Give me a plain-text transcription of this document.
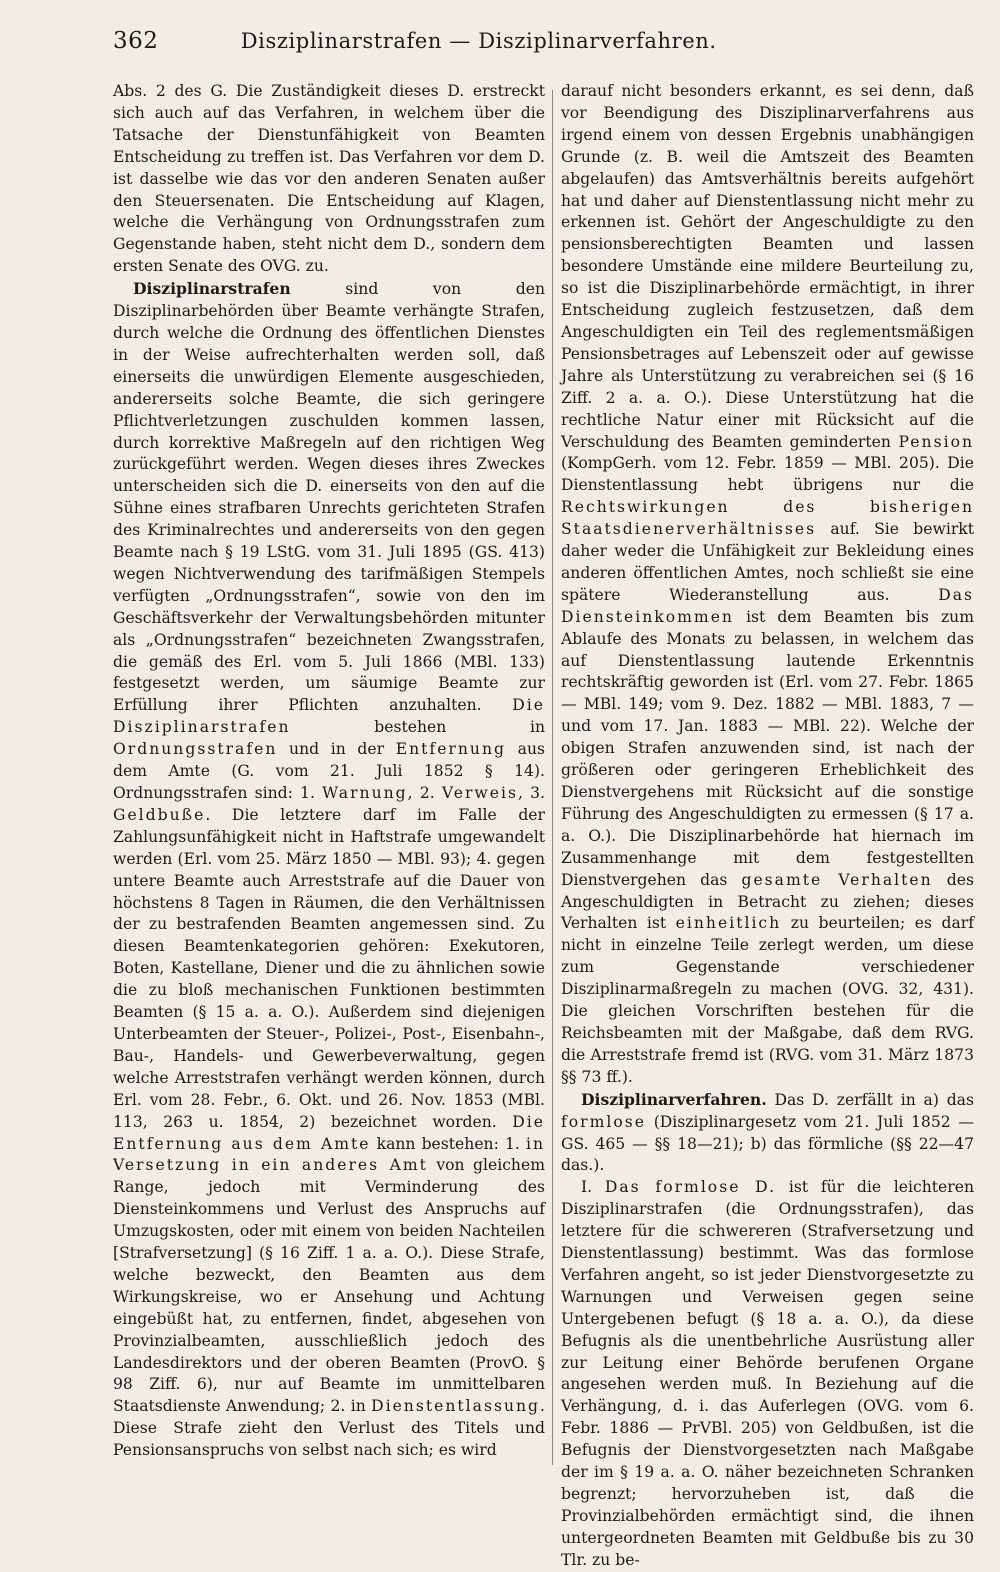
362	Disziplinarstrafen — Disziplinarverfahren.

Abs. 2 des G. Die Zuständigkeit dieses D. erstreckt sich auch auf das Verfahren, in welchem über die Tatsache der Dienstunfähigkeit von Beamten Entscheidung zu treffen ist. Das Verfahren vor dem D. ist dasselbe wie das vor den anderen Senaten außer den Steuersenaten. Die Entscheidung auf Klagen, welche die Verhängung von Ordnungsstrafen zum Gegenstande haben, steht nicht dem D., sondern dem ersten Senate des OVG. zu.

Disziplinarstrafen sind von den Disziplinarbehörden über Beamte verhängte Strafen, durch welche die Ordnung des öffentlichen Dienstes in der Weise aufrechterhalten werden soll, daß einerseits die unwürdigen Elemente ausgeschieden, andererseits solche Beamte, die sich geringere Pflichtverletzungen zuschulden kommen lassen, durch korrektive Maßregeln auf den richtigen Weg zurückgeführt werden. Wegen dieses ihres Zweckes unterscheiden sich die D. einerseits von den auf die Sühne eines strafbaren Unrechts gerichteten Strafen des Kriminalrechtes und andererseits von den gegen Beamte nach § 19 LStG. vom 31. Juli 1895 (GS. 413) wegen Nichtverwendung des tarifmäßigen Stempels verfügten „Ordnungsstrafen“, sowie von den im Geschäftsverkehr der Verwaltungsbehörden mitunter als „Ordnungsstrafen“ bezeichneten Zwangsstrafen, die gemäß des Erl. vom 5. Juli 1866 (MBl. 133) festgesetzt werden, um säumige Beamte zur Erfüllung ihrer Pflichten anzuhalten. Die Disziplinarstrafen bestehen in Ordnungsstrafen und in der Entfernung aus dem Amte (G. vom 21. Juli 1852 § 14). Ordnungsstrafen sind: 1. Warnung, 2. Verweis, 3. Geldbuße. Die letztere darf im Falle der Zahlungsunfähigkeit nicht in Haftstrafe umgewandelt werden (Erl. vom 25. März 1850 — MBl. 93); 4. gegen untere Beamte auch Arreststrafe auf die Dauer von höchstens 8 Tagen in Räumen, die den Verhältnissen der zu bestrafenden Beamten angemessen sind. Zu diesen Beamtenkategorien gehören: Exekutoren, Boten, Kastellane, Diener und die zu ähnlichen sowie die zu bloß mechanischen Funktionen bestimmten Beamten (§ 15 a. a. O.). Außerdem sind diejenigen Unterbeamten der Steuer-, Polizei-, Post-, Eisenbahn-, Bau-, Handels- und Gewerbeverwaltung, gegen welche Arreststrafen verhängt werden können, durch Erl. vom 28. Febr., 6. Okt. und 26. Nov. 1853 (MBl. 113, 263 u. 1854, 2) bezeichnet worden. Die Entfernung aus dem Amte kann bestehen: 1. in Versetzung in ein anderes Amt von gleichem Range, jedoch mit Verminderung des Diensteinkommens und Verlust des Anspruchs auf Umzugskosten, oder mit einem von beiden Nachteilen [Strafversetzung] (§ 16 Ziff. 1 a. a. O.). Diese Strafe, welche bezweckt, den Beamten aus dem Wirkungskreise, wo er Ansehung und Achtung eingebüßt hat, zu entfernen, findet, abgesehen von Provinzialbeamten, ausschließlich jedoch des Landesdirektors und der oberen Beamten (ProvO. § 98 Ziff. 6), nur auf Beamte im unmittelbaren Staatsdienste Anwendung; 2. in Dienstentlassung. Diese Strafe zieht den Verlust des Titels und Pensionsanspruchs von selbst nach sich; es wird

darauf nicht besonders erkannt, es sei denn, daß vor Beendigung des Disziplinarverfahrens aus irgend einem von dessen Ergebnis unabhängigen Grunde (z. B. weil die Amtszeit des Beamten abgelaufen) das Amtsverhältnis bereits aufgehört hat und daher auf Dienstentlassung nicht mehr zu erkennen ist. Gehört der Angeschuldigte zu den pensionsberechtigten Beamten und lassen besondere Umstände eine mildere Beurteilung zu, so ist die Disziplinarbehörde ermächtigt, in ihrer Entscheidung zugleich festzusetzen, daß dem Angeschuldigten ein Teil des reglementsmäßigen Pensionsbetrages auf Lebenszeit oder auf gewisse Jahre als Unterstützung zu verabreichen sei (§ 16 Ziff. 2 a. a. O.). Diese Unterstützung hat die rechtliche Natur einer mit Rücksicht auf die Verschuldung des Beamten geminderten Pension (KompGerh. vom 12. Febr. 1859 — MBl. 205). Die Dienstentlassung hebt übrigens nur die Rechtswirkungen des bisherigen Staatsdienerverhältnisses auf. Sie bewirkt daher weder die Unfähigkeit zur Bekleidung eines anderen öffentlichen Amtes, noch schließt sie eine spätere Wiederanstellung aus. Das Diensteinkommen ist dem Beamten bis zum Ablaufe des Monats zu belassen, in welchem das auf Dienstentlassung lautende Erkenntnis rechtskräftig geworden ist (Erl. vom 27. Febr. 1865 — MBl. 149; vom 9. Dez. 1882 — MBl. 1883, 7 — und vom 17. Jan. 1883 — MBl. 22). Welche der obigen Strafen anzuwenden sind, ist nach der größeren oder geringeren Erheblichkeit des Dienstvergehens mit Rücksicht auf die sonstige Führung des Angeschuldigten zu ermessen (§ 17 a. a. O.). Die Disziplinarbehörde hat hiernach im Zusammenhange mit dem festgestellten Dienstvergehen das gesamte Verhalten des Angeschuldigten in Betracht zu ziehen; dieses Verhalten ist einheitlich zu beurteilen; es darf nicht in einzelne Teile zerlegt werden, um diese zum Gegenstande verschiedener Disziplinarmaßregeln zu machen (OVG. 32, 431). Die gleichen Vorschriften bestehen für die Reichsbeamten mit der Maßgabe, daß dem RVG. die Arreststrafe fremd ist (RVG. vom 31. März 1873 §§ 73 ff.).

Disziplinarverfahren. Das D. zerfällt in a) das formlose (Disziplinargesetz vom 21. Juli 1852 — GS. 465 — §§ 18—21); b) das förmliche (§§ 22—47 das.).

I. Das formlose D. ist für die leichteren Disziplinarstrafen (die Ordnungsstrafen), das letztere für die schwereren (Strafversetzung und Dienstentlassung) bestimmt. Was das formlose Verfahren angeht, so ist jeder Dienstvorgesetzte zu Warnungen und Verweisen gegen seine Untergebenen befugt (§ 18 a. a. O.), da diese Befugnis als die unentbehrliche Ausrüstung aller zur Leitung einer Behörde berufenen Organe angesehen werden muß. In Beziehung auf die Verhängung, d. i. das Auferlegen (OVG. vom 6. Febr. 1886 — PrVBl. 205) von Geldbußen, ist die Befugnis der Dienstvorgesetzten nach Maßgabe der im § 19 a. a. O. näher bezeichneten Schranken begrenzt; hervorzuheben ist, daß die Provinzialbehörden ermächtigt sind, die ihnen untergeordneten Beamten mit Geldbuße bis zu 30 Tlr. zu be-
